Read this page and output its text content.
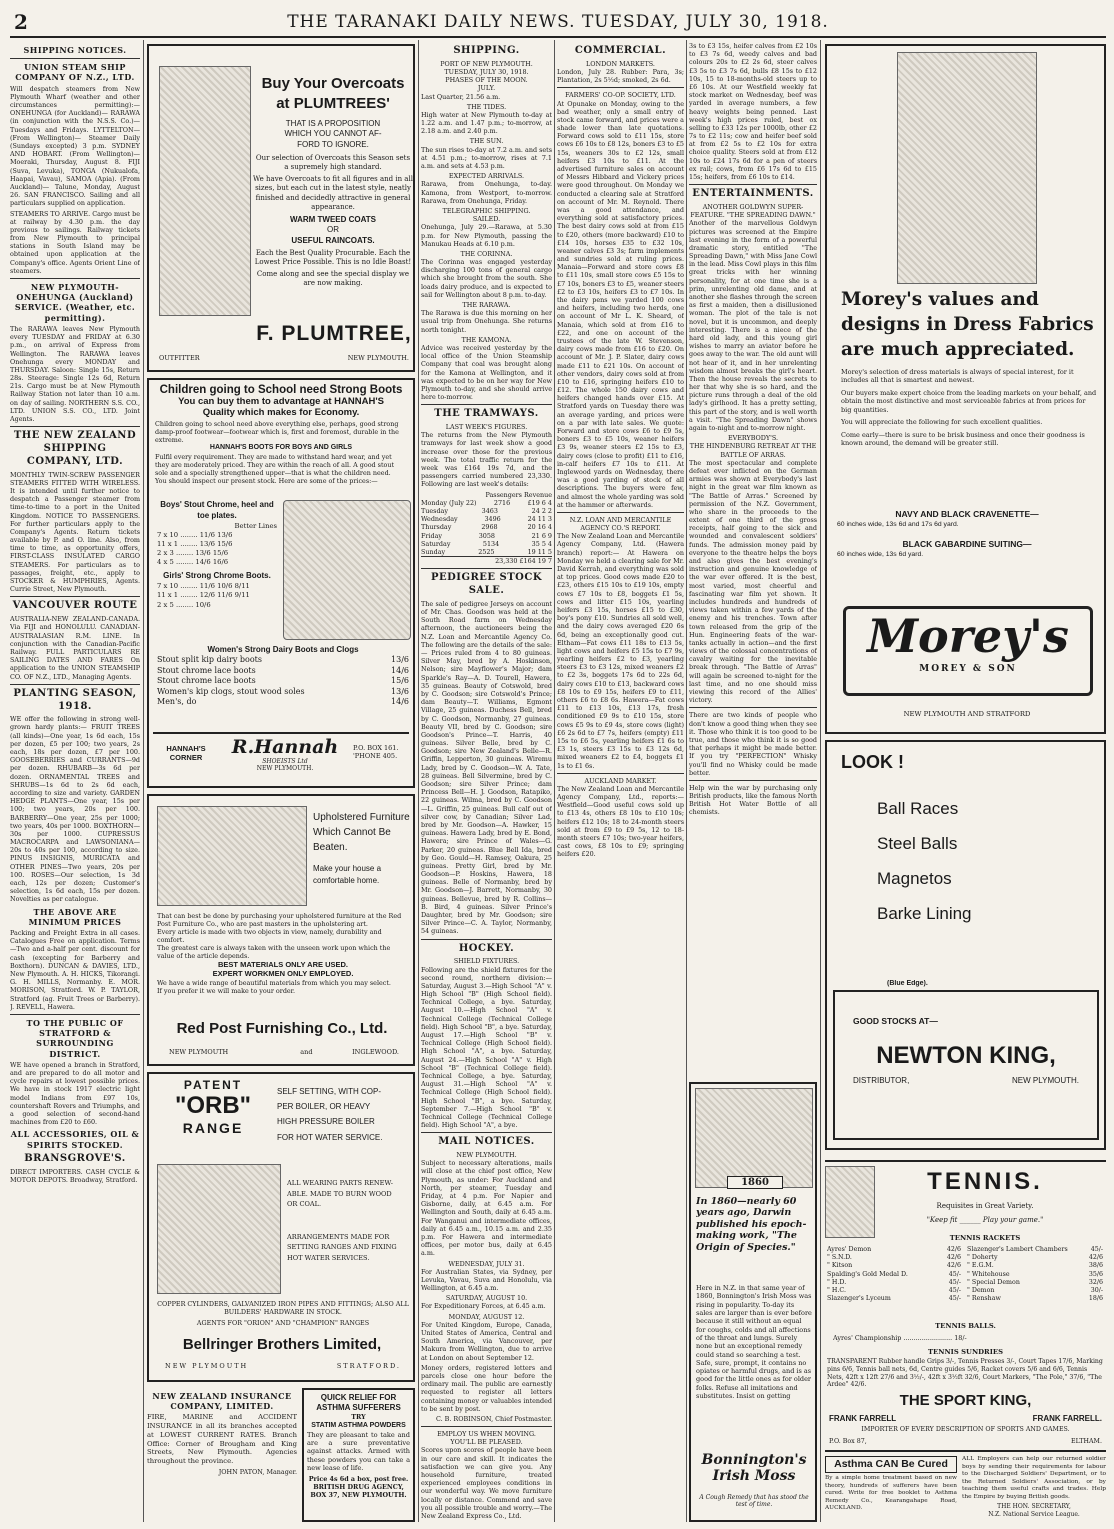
2	THE TARANAKI DAILY NEWS. TUESDAY, JULY 30, 1918.
SHIPPING NOTICES.
UNION STEAM SHIP COMPANY OF N.Z., LTD.

Will despatch steamers from New Plymouth Wharf (weather and other circumstances permitting):— ONEHUNGA (for Auckland)— RARAWA (in conjunction with the N.S.S. Co.)—Tuesdays and Fridays. LYTTELTON— (From Wellington)— Steamer Daily (Sundays excepted) 3 p.m. SYDNEY AND HOBART. (From Wellington)— Moeraki, Thursday, August 8. FIJI (Suva, Levuka), TONGA (Nukualofa, Haapai, Vavau), SAMOA (Apia). (From Auckland)— Talune, Monday, August 26. SAN FRANCISCO. Sailing and all particulars supplied on application.

STEAMERS TO ARRIVE. Cargo must be at railway by 4.30 p.m. the day previous to sailings. Railway tickets from New Plymouth to principal stations in South Island may be obtained upon application at the Company's office. Agents Orient Line of steamers.

NEW PLYMOUTH-ONEHUNGA (Auckland) SERVICE. (Weather, etc. permitting).

The RARAWA leaves New Plymouth every TUESDAY and FRIDAY at 6.30 p.m., on arrival of Express from Wellington. The RARAWA leaves Onehunga every MONDAY and THURSDAY. Saloon: Single 15s, Return 28s. Steerage: Single 12s 6d, Return 21s. Cargo must be at New Plymouth Railway Station not later than 10 a.m. on day of sailing. NORTHERN S.S. CO., LTD. UNION S.S. CO., LTD. Joint Agents.

THE NEW ZEALAND SHIPPING COMPANY, LTD.

MONTHLY TWIN-SCREW PASSENGER STEAMERS FITTED WITH WIRELESS. It is intended until further notice to despatch a Passenger steamer from time-to-time to a port in the United Kingdom. NOTICE TO PASSENGERS. For further particulars apply to the Company's Agents. Return tickets available by P. and O. line. Also, from time to time, as opportunity offers, FIRST-CLASS INSULATED CARGO STEAMERS. For particulars as to passages, freight, etc., apply to STOCKER & HUMPHRIES, Agents. Currie Street, New Plymouth.

VANCOUVER ROUTE

AUSTRALIA-NEW ZEALAND-CANADA. Via FIJI and HONOLULU. CANADIAN-AUSTRALASIAN R.M. LINE. In conjunction with the Canadian-Pacific Railway. FULL PARTICULARS RE SAILING DATES AND FARES On application to the UNION STEAMSHIP CO. OF N.Z., LTD., Managing Agents.

PLANTING SEASON, 1918.

WE offer the following in strong well-grown hardy plants:— FRUIT TREES (all kinds)—One year, 1s 6d each, 15s per dozen, £5 per 100; two years, 2s each, 18s per dozen, £7 per 100. GOOSEBERRIES and CURRANTS—9d per dozen. RHUBARB—3s 6d per dozen. ORNAMENTAL TREES and SHRUBS—1s 6d to 2s 6d each, according to size and variety. GARDEN HEDGE PLANTS—One year, 15s per 100; two years, 20s per 100. BARBERRY—One year, 25s per 1000; two years, 40s per 1000. BOXTHORN—30s per 1000. CUPRESSUS MACROCARPA and LAWSONIANA—20s to 40s per 100, according to size. PINUS INSIGNIS, MURICATA and OTHER PINES—Two years, 20s per 100. ROSES—Our selection, 1s 3d each, 12s per dozen; Customer's selection, 1s 6d each, 15s per dozen. Novelties as per catalogue.

THE ABOVE ARE MINIMUM PRICES

Packing and Freight Extra in all cases. Catalogues Free on application. Terms—Two and a-half per cent. discount for cash (excepting for Barberry and Boxthorn). DUNCAN & DAVIES, LTD., New Plymouth. A. H. HICKS, Tikorangi. G. H. MILLS, Normanby. E. MOR. MORISON, Stratford. W. P. TAYLOR, Stratford (ag. Fruit Trees or Barberry). J. REVELL, Hawera.

TO THE PUBLIC OF STRATFORD & SURROUNDING DISTRICT.

WE have opened a branch in Stratford, and are prepared to do all motor and cycle repairs at lowest possible prices. We have in stock 1917 electric light model Indians from £97 10s, countershaft Rovers and Triumphs, and a good selection of second-hand machines from £20 to £60.

ALL ACCESSORIES, OIL & SPIRITS STOCKED.
BRANSGROVE'S.

DIRECT IMPORTERS. CASH CYCLE & MOTOR DEPOTS. Broadway, Stratford.

Buy Your Overcoats
at PLUMTREES'
THAT IS A PROPOSITION
WHICH YOU CANNOT AF-
FORD TO IGNORE.

Our selection of Overcoats this Season sets a supremely high standard.

We have Overcoats to fit all figures and in all sizes, but each cut in the latest style, neatly finished and decidedly attractive in general appearance.

WARM TWEED COATS
OR
USEFUL RAINCOATS.

Each the Best Quality Procurable. Each the Lowest Price Possible. This is no Idle Boast!

Come along and see the special display we are now making.

F. PLUMTREE,
OUTFITTER	NEW PLYMOUTH.
Children going to School need Strong Boots
You can buy them to advantage at HANNAH'S
Quality which makes for Economy.

Children going to school need above everything else, perhaps, good strong damp-proof footwear—footwear which is, first and foremost, durable in the extreme.

HANNAH'S BOOTS FOR BOYS AND GIRLS

Fulfil every requirement. They are made to withstand hard wear, and yet they are moderately priced. They are within the reach of all. A good stout sole and a specially strengthened upper—that is what the children need.

You should inspect our present stock. Here are some of the prices:—

Boys' Stout Chrome, heel and toe plates.
Better Lines
7 x 10 ........ 11/6 13/6
11 x 1 ........ 13/6 15/6
2 x 3 ........ 13/6 15/6
4 x 5 ........ 14/6 16/6
Girls' Strong Chrome Boots.
7 x 10 ........ 11/6 10/6 8/11
11 x 1 ........ 12/6 11/6 9/11
2 x 5 ........ 10/6
Women's Strong Dairy Boots and Clogs
Stout split kip dairy boots	13/6
Stout chrome lace boots	14/6
Stout chrome lace boots	15/6
Women's kip clogs, stout wood soles	13/6
Men's, do	14/6
HANNAH'S CORNER	R.Hannah
SHOEISTS Ltd
NEW PLYMOUTH.
P.O. BOX 161. 'PHONE 405.
Upholstered Furniture
Which Cannot Be
Beaten.
Make your house a comfortable home.

That can best be done by purchasing your upholstered furniture at the Red Post Furniture Co., who are past masters in the upholstering art.

Every article is made with two objects in view, namely, durability and comfort.

The greatest care is always taken with the unseen work upon which the value of the article depends.

BEST MATERIALS ONLY ARE USED.
EXPERT WORKMEN ONLY EMPLOYED.

We have a wide range of beautiful materials from which you may select.

If you prefer it we will make to your order.

Red Post Furnishing Co., Ltd.
NEW PLYMOUTH	and	INGLEWOOD.
PATENT
"ORB"
RANGE
SELF SETTING, WITH COP-
PER BOILER, OR HEAVY
HIGH PRESSURE BOILER
FOR HOT WATER SERVICE.
ALL WEARING PARTS RENEW-
ABLE. MADE TO BURN WOOD
OR COAL.
ARRANGEMENTS MADE FOR
SETTING RANGES AND FIXING
HOT WATER SERVICES.
COPPER CYLINDERS, GALVANIZED IRON PIPES AND FITTINGS; ALSO ALL BUILDERS' HARDWARE IN STOCK.
AGENTS FOR "ORION" AND "CHAMPION" RANGES
Bellringer Brothers Limited,
NEW PLYMOUTH	STRATFORD.
NEW ZEALAND INSURANCE COMPANY, LIMITED.

FIRE, MARINE and ACCIDENT INSURANCE in all its branches accepted at LOWEST CURRENT RATES. Branch Office: Corner of Brougham and King Streets, New Plymouth. Agencies throughout the province.

JOHN PATON, Manager.
QUICK RELIEF FOR ASTHMA SUFFERERS
TRY
STATIM ASTHMA POWDERS

They are pleasant to take and are a sure preventative against attacks. Armed with these powders you can take a new lease of life.

Price 4s 6d a box, post free.
BRITISH DRUG AGENCY, BOX 37, NEW PLYMOUTH.
SHIPPING.
PORT OF NEW PLYMOUTH.
TUESDAY, JULY 30, 1918.
PHASES OF THE MOON.
JULY.

Last Quarter, 21.56 a.m.

THE TIDES.

High water at New Plymouth to-day at 1.22 a.m. and 1.47 p.m.; to-morrow, at 2.18 a.m. and 2.40 p.m.

THE SUN.

The sun rises to-day at 7.2 a.m. and sets at 4.51 p.m.; to-morrow, rises at 7.1 a.m. and sets at 4.53 p.m.

EXPECTED ARRIVALS.

Rarawa, from Onehunga, to-day. Kamona, from Westport, to-morrow. Rarawa, from Onehunga, Friday.

TELEGRAPHIC SHIPPING.
SAILED.

Onehunga, July 29.—Rarawa, at 5.30 p.m. for New Plymouth, passing the Manukau Heads at 6.10 p.m.

THE CORINNA.

The Corinna was engaged yesterday discharging 100 tons of general cargo which she brought from the south. She loads dairy produce, and is expected to sail for Wellington about 8 p.m. to-day.

THE RARAWA.

The Rarawa is due this morning on her usual trip from Onehunga. She returns north tonight.

THE KAMONA.

Advice was received yesterday by the local office of the Union Steamship Company that coal was brought along for the Kamona at Wellington, and it was expected to be on her way for New Plymouth to-day, and she should arrive here to-morrow.

THE TRAMWAYS.
LAST WEEK'S FIGURES.

The returns from the New Plymouth tramways for last week show a good increase over those for the previous week. The total traffic return for the week was £164 19s 7d, and the passengers carried numbered 23,330. Following are last week's details:

Passengers Revenue
Monday (July 22)	2716	£19 6 4
Tuesday	3463	24 2 2
Wednesday	3496	24 11 3
Thursday	2968	20 16 4
Friday	3058	21 6 9
Saturday	5134	35 5 4
Sunday	2525	19 11 5
23,330 £164 19 7
PEDIGREE STOCK SALE.

The sale of pedigree Jerseys on account of Mr. Chas. Goodson was held at the South Road farm on Wednesday afternoon, the auctioneers being the N.Z. Loan and Mercantile Agency Co. The following are the details of the sale:— Prices ruled from 4 to 80 guineas. Silver May, bred by A. Hoskinson, Nelson; sire Mayflower's Major; dam Sparkle's Ray—A. D. Tourell, Hawera, 35 guineas. Beauty of Cotswold, bred by C. Goodson; sire Cotswold's Prince; dam Beauty—T. Williams, Egmont Village, 25 guineas. Duchess Bell, bred by C. Goodson, Normanby, 27 guineas. Beauty VII, bred by C. Goodson; sire Goodson's Prince—T. Harris, 40 guineas. Silver Belle, bred by C. Goodson; sire New Zealand's Belle—R. Griffin, Lepperton, 30 guineas. Wiremu Lady, bred by C. Goodson—W. A. Tate, 28 guineas. Bell Silvermine, bred by C. Goodson; sire Silver Prince; dam Princess Bell—H. J. Goodson, Ratapiko, 22 guineas. Wilma, bred by C. Goodson—L. Griffin, 25 guineas. Bull calf out of silver cow, by Canadian; Silver Lad, bred by Mr. Goodson—A. Hawker, 15 guineas. Hawera Lady, bred by E. Bond, Hawera; sire Prince of Wales—G. Parker, 20 guineas. Blue Bell Ida, bred by Geo. Gould—H. Ramsey, Oakura, 25 guineas. Pretty Girl, bred by Mr. Goodson—P. Hoskins, Hawera, 18 guineas. Belle of Normanby, bred by Mr. Goodson—J. Barrett, Normanby, 30 guineas. Bellevue, bred by R. Collins—B. Bird, 4 guineas. Silver Prince's Daughter, bred by Mr. Goodson; sire Silver Prince—C. A. Taylor, Normanby, 54 guineas.

HOCKEY.
SHIELD FIXTURES.

Following are the shield fixtures for the second round, northern division:— Saturday, August 3.—High School "A" v. High School "B" (High School field). Technical College, a bye. Saturday, August 10.—High School "A" v. Technical College (Technical College field). High School "B", a bye. Saturday, August 17.—High School "B" v. Technical College (High School field). High School "A", a bye. Saturday, August 24.—High School "A" v. High School "B" (Technical College field). Technical College, a bye. Saturday, August 31.—High School "A" v. Technical College (High School field). High School "B", a bye. Saturday, September 7.—High School "B" v. Technical College (Technical College field). High School "A", a bye.

MAIL NOTICES.
NEW PLYMOUTH.

Subject to necessary alterations, mails will close at the chief post office, New Plymouth, as under: For Auckland and North, per steamer, Tuesday and Friday, at 4 p.m. For Napier and Gisborne, daily, at 6.45 a.m. For Wellington and South, daily at 6.45 a.m. For Wanganui and intermediate offices, daily at 6.45 a.m., 10.15 a.m. and 2.35 p.m. For Hawera and intermediate offices, per motor bus, daily at 6.45 a.m.

WEDNESDAY, JULY 31.

For Australian States, via Sydney, per Levuka, Vavau, Suva and Honolulu, via Wellington, at 6.45 a.m.

SATURDAY, AUGUST 10.

For Expeditionary Forces, at 6.45 a.m.

MONDAY, AUGUST 12.

For United Kingdom, Europe, Canada, United States of America, Central and South America, via Vancouver, per Makura from Wellington, due to arrive at London on about September 12.

Money orders, registered letters and parcels close one hour before the ordinary mail. The public are earnestly requested to register all letters containing money or valuables intended to be sent by post.

C. B. ROBINSON, Chief Postmaster.
EMPLOY US WHEN MOVING.
YOU'LL BE PLEASED.

Scores upon scores of people have been in our care and skill. It indicates the satisfaction we can give you. Any household furniture, treated experienced employees conditions in our wonderful way. We move furniture locally or distance. Commend and save you all possible trouble and worry.—The New Zealand Express Co., Ltd.

COMMERCIAL.
LONDON MARKETS.

London, July 28. Rubber: Para, 3s; Plantation, 2s 5½d; smoked, 2s 6d.

FARMERS' CO-OP. SOCIETY, LTD.

At Opunake on Monday, owing to the bad weather, only a small entry of stock came forward, and prices were a shade lower than late quotations. Forward cows sold to £11 15s, store cows £6 10s to £8 12s, boners £3 to £5 15s, weaners 30s to £2 12s, small heifers £3 10s to £11. At the advertised furniture sales on account of Messrs Hibbard and Vickery prices were good throughout. On Monday we conducted a clearing sale at Stratford on account of Mr. M. Reynold. There was a good attendance, and everything sold at satisfactory prices. The best dairy cows sold at from £15 to £20, others (more backward) £10 to £14 10s, horses £35 to £32 10s, weaner calves £3 3s; farm implements and sundries sold at ruling prices. Manaia—Forward and store cows £8 to £11 10s, small store cows £5 15s to £7 10s, boners £3 to £5, weaner steers £2 to £3 10s, heifers £3 to £7 10s. In the dairy pens we yarded 100 cows and heifers, including two herds, one on account of Mr L. K. Sheard, of Manaia, which sold at from £16 to £22, and one on account of the trustees of the late W. Stevenson, dairy cows made from £16 to £20. On account of Mr. J. P. Slater, dairy cows made £11 to £21 10s. On account of other vendors, dairy cows sold at from £10 to £16, springing heifers £10 to £12. The whole 150 dairy cows and heifers changed hands over £15. At Stratford yards on Tuesday there was an average yarding, and prices were on a par with late sales. We quote: Forward and store cows £6 to £9 5s, boners £3 to £5 10s, weaner heifers £3 9s, weaner steers £2 15s to £3, dairy cows (close to profit) £11 to £16, in-calf heifers £7 10s to £11. At Inglewood yards on Wednesday, there was a good yarding of stock of all descriptions. The buyers were few, and almost the whole yarding was sold at the hammer or afterwards.

N.Z. LOAN AND MERCANTILE AGENCY CO.'S REPORT.

The New Zealand Loan and Mercantile Agency Company, Ltd. (Hawera branch) report:— At Hawera on Monday we held a clearing sale for Mr. David Kerrah, and everything was sold at top prices. Good cows made £20 to £23, others £15 10s to £19 10s, empty cows £7 10s to £8, boggets £1 5s, cows and litter £15 10s, yearling heifers £3 15s, horses £15 to £30, boy's pony £10. Sundries all sold well, and the dairy cows averaged £20 6s 6d, being an exceptionally good cut. Eltham—Fat cows £11 18s to £13 5s, light cows and heifers £5 15s to £7 9s, yearling heifers £2 to £3, yearling steers £3 to £3 12s, mixed weaners £2 to £2 3s, boggets 17s 6d to 22s 6d, dairy cows £10 to £13, backward cows £8 10s to £9 15s, heifers £9 to £11, others £6 to £8 6s. Hawera—Fat cows £11 to £13 10s, £13 17s, fresh conditioned £9 9s to £10 15s, store cows £5 9s to £9 4s, store cows (light) £6 2s 6d to £7 7s, heifers (empty) £11 15s to £6 5s, yearling heifers £1 6s to £3 1s, steers £3 15s to £3 12s 6d, mixed weaners £2 to £4, boggets £1 1s to £1 6s.

AUCKLAND MARKET.

The New Zealand Loan and Mercantile Agency Company, Ltd., reports:— Westfield—Good useful cows sold up to £13 4s, others £8 10s to £10 10s; heifers £12 10s; 18 to 24-month steers sold at from £9 to £9 5s, 12 to 18-month steers £7 10s; two-year heifers, cast cows, £8 10s to £9; springing heifers £20.

3s to £3 15s, heifer calves from £2 10s to £3 7s 6d, weedy calves and bad colours 20s to £2 2s 6d, steer calves £3 5s to £3 7s 6d, bulls £8 15s to £12 10s, 15 to 18-months-old steers up to £6 10s. At our Westfield weekly fat stock market on Wednesday, beef was yarded in average numbers, a few heavy weights being penned. Last week's high prices ruled, best ox selling to £33 12s per 1000lb, other £2 7s to £2 11s; cow and heifer beef sold at from £2 5s to £2 10s for extra choice quality. Steers sold at from £12 10s to £24 17s 6d for a pen of steers ex rail; cows, from £6 17s 6d to £15 15s; heifers, from £6 10s to £14.

ENTERTAINMENTS.
ANOTHER GOLDWYN SUPER-FEATURE. "THE SPREADING DAWN."

Another of the marvellous Goldwyn pictures was screened at the Empire last evening in the form of a powerful dramatic story, entitled "The Spreading Dawn," with Miss Jane Cowl in the lead. Miss Cowl plays in this film great tricks with her winning personality, for at one time she is a prim, unrelenting old dame, and at another she flashes through the screen as first a maiden, then a disillusioned woman. The plot of the tale is not novel, but it is uncommon, and deeply interesting. There is a niece of the hard old lady, and this young girl wishes to marry an aviator before he goes away to the war. The old aunt will not hear of it, and in her unrelenting wisdom almost breaks the girl's heart. Then the house reveals the secrets to her that why she is so hard, and the picture runs through a deal of the old lady's girlhood. It has a pretty setting, this part of the story, and is well worth a visit. "The Spreading Dawn" shows again to-night and to-morrow night.

EVERYBODY'S.
THE HINDENBURG RETREAT AT THE BATTLE OF ARRAS.

The most spectacular and complete defeat ever inflicted on the German armies was shown at Everybody's last night in the great war film known as "The Battle of Arras." Screened by permission of the N.Z. Government, who share in the proceeds to the extent of one third of the gross receipts, half going to the sick and wounded and convalescent soldiers' funds. The admission money paid by everyone to the theatre helps the boys and also gives the best evening's instruction and genuine knowledge of the war ever offered. It is the best, most varied, most cheerful and fascinating war film yet shown. It includes hundreds and hundreds of views taken within a few yards of the enemy and his trenches. Town after town released from the grip of the Hun. Engineering feats of the war-tanks actually in action—and the first views of the colossal concentrations of cavalry waiting for the inevitable break through. "The Battle of Arras" will again be screened to-night for the last time, and no one should miss viewing this record of the Allies' victory.

There are two kinds of people who don't know a good thing when they see it. Those who think it is too good to be true, and those who think it is so good that perhaps it might be made better. If you try "PERFECTION" Whisky you'll find no Whisky could be made better.

Help win the war by purchasing only British products, like the famous North British Hot Water Bottle of all chemists.

1860
In 1860—nearly 60 years ago, Darwin published his epoch-making work, "The Origin of Species."
Here in N.Z. in that same year of 1860, Bonnington's Irish Moss was rising in popularity. To-day its sales are larger than is ever before because it still without an equal for coughs, colds and all affections of the throat and lungs. Surely none but an exceptional remedy could stand so searching a test. Safe, sure, prompt, it contains no opiates or harmful drugs, and is as good for the little ones as for older folks. Refuse all imitations and substitutes. Insist on getting
Bonnington's Irish Moss
A Cough Remedy that has stood the test of time.
Morey's values and
designs in Dress Fabrics
are much appreciated.

Morey's selection of dress materials is always of special interest, for it includes all that is smartest and newest.

Our buyers make expert choice from the leading markets on your behalf, and obtain the most distinctive and most serviceable fabrics at from prices for big quantities.

You will appreciate the following for such excellent qualities.

Come early—there is sure to be brisk business and once their goodness is known around, the demand will be greater still.

NAVY AND BLACK CRAVENETTE—
60 inches wide, 13s 6d and 17s 6d yard.
BLACK GABARDINE SUITING—
60 inches wide, 13s 6d yard.
Morey's
MOREY & SON
NEW PLYMOUTH AND STRATFORD
LOOK !
Ball Races
Steel Balls
Magnetos
Barke Lining
(Blue Edge).
GOOD STOCKS AT—
NEWTON KING,
DISTRIBUTOR,	NEW PLYMOUTH.
TENNIS.
Requisites in Great Variety.
"Keep fit ______ Play your game."
TENNIS RACKETS
Ayres' Demon	42/6
" S.N.D.	42/6
" Kitson	42/6
Spalding's Gold Medal D.	45/-
" H.D.	45/-
" H.C.	45/-
Slazenger's Lyceum	45/-
Slazenger's Lambert Chambers	45/-
" Doherty	42/6
" E.G.M.	38/6
" Whitehouse	35/6
" Special Demon	32/6
" Demon	30/-
" Renshaw	18/6
TENNIS BALLS.
Ayres' Championship ........................ 18/-
TENNIS SUNDRIES
TRANSPARENT Rubber handle Grips 3/-, Tennis Presses 3/-, Court Tapes 17/6, Marking pins 6/6, Tennis ball nets, 6d, Centre guides 5/6, Racket covers 5/6 and 6/6, Tennis Nets, 42ft x 12ft 27/6 and 3½/-, 42ft x 3½ft 32/6, Court Markers, "The Pole," 37/6, "The Ardee" 42/6.
THE SPORT KING,
FRANK FARRELL	FRANK FARRELL.
IMPORTER OF EVERY DESCRIPTION OF SPORTS AND GAMES.
P.O. Box 87,	ELTHAM.
Asthma CAN Be Cured

By a simple home treatment based on new theory, hundreds of sufferers have been cured. Write for free booklet to Asthma Remedy Co., Kearangahape Road, AUCKLAND.

ALL Employers can help our returned soldier boys by sending their requirements for labour to the Discharged Soldiers' Department, or to the Returned Soldiers' Association, or by teaching them useful crafts and trades. Help the Empire by buying British goods.

THE HON. SECRETARY,
N.Z. National Service League.
